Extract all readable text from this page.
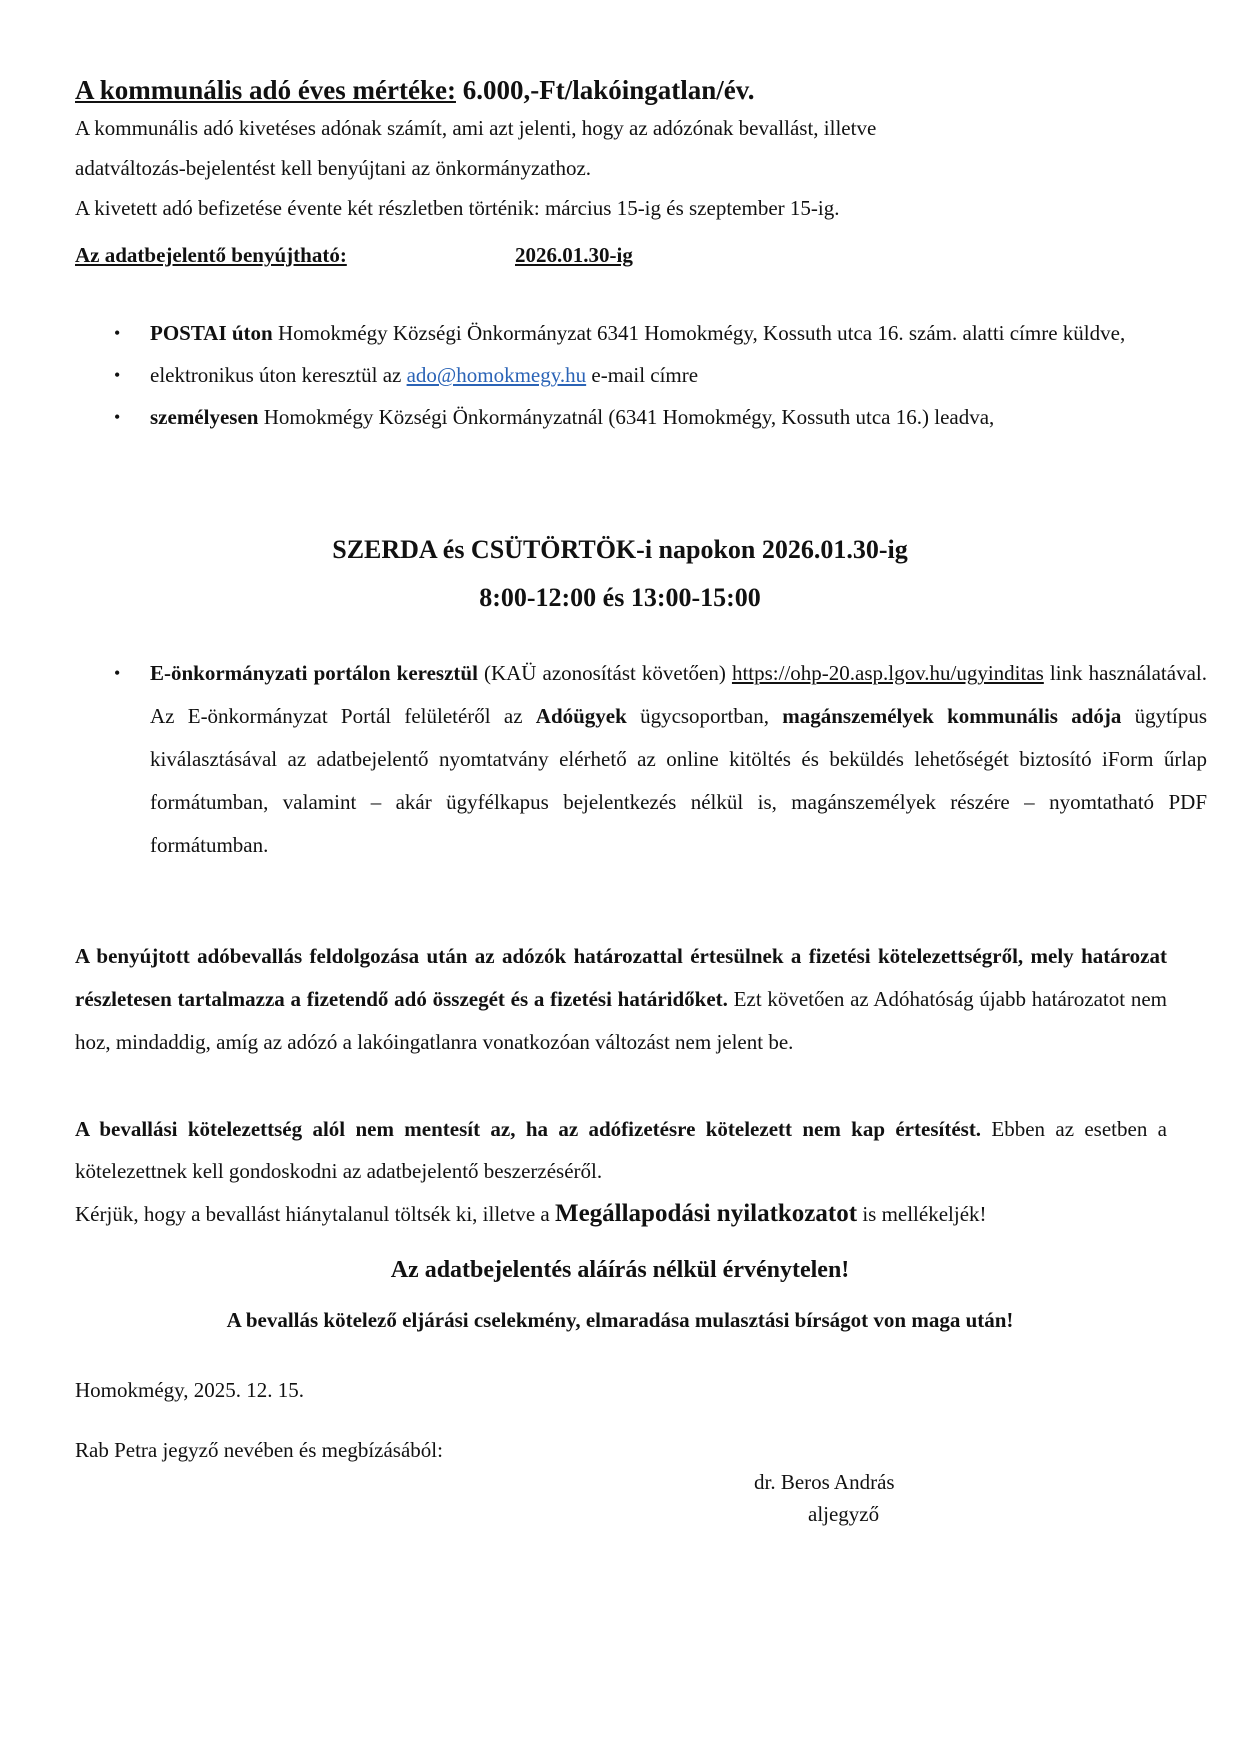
A kommunális adó éves mértéke: 6.000,-Ft/lakóingatlan/év.
A kommunális adó kivetéses adónak számít, ami azt jelenti, hogy az adózónak bevallást, illetve
adatváltozás-bejelentést kell benyújtani az önkormányzathoz.
A kivetett adó befizetése évente két részletben történik: március 15-ig és szeptember 15-ig.
Az adatbejelentő benyújtható:	2026.01.30-ig
• POSTAI úton Homokmégy Községi Önkormányzat 6341 Homokmégy, Kossuth utca 16. szám. alatti címre küldve,
• elektronikus úton keresztül az ado@homokmegy.hu e-mail címre
• személyesen Homokmégy Községi Önkormányzatnál (6341 Homokmégy, Kossuth utca 16.) leadva,
SZERDA és CSÜTÖRTÖK-i napokon 2026.01.30-ig
8:00-12:00 és 13:00-15:00
• E-önkormányzati portálon keresztül (KAÜ azonosítást követően) https://ohp-20.asp.lgov.hu/ugyinditas link használatával. Az E-önkormányzat Portál felületéről az Adóügyek ügycsoportban, magánszemélyek kommunális adója ügytípus kiválasztásával az adatbejelentő nyomtatvány elérhető az online kitöltés és beküldés lehetőségét biztosító iForm űrlap formátumban, valamint – akár ügyfélkapus bejelentkezés nélkül is, magánszemélyek részére – nyomtatható PDF formátumban.
A benyújtott adóbevallás feldolgozása után az adózók határozattal értesülnek a fizetési kötelezettségről, mely határozat részletesen tartalmazza a fizetendő adó összegét és a fizetési határidőket. Ezt követően az Adóhatóság újabb határozatot nem hoz, mindaddig, amíg az adózó a lakóingatlanra vonatkozóan változást nem jelent be.
A bevallási kötelezettség alól nem mentesít az, ha az adófizetésre kötelezett nem kap értesítést. Ebben az esetben a kötelezettnek kell gondoskodni az adatbejelentő beszerzéséről.
Kérjük, hogy a bevallást hiánytalanul töltsék ki, illetve a Megállapodási nyilatkozatot is mellékeljék!
Az adatbejelentés aláírás nélkül érvénytelen!
A bevallás kötelező eljárási cselekmény, elmaradása mulasztási bírságot von maga után!
Homokmégy, 2025. 12. 15.
Rab Petra jegyző nevében és megbízásából:
dr. Beros András
aljegyző
